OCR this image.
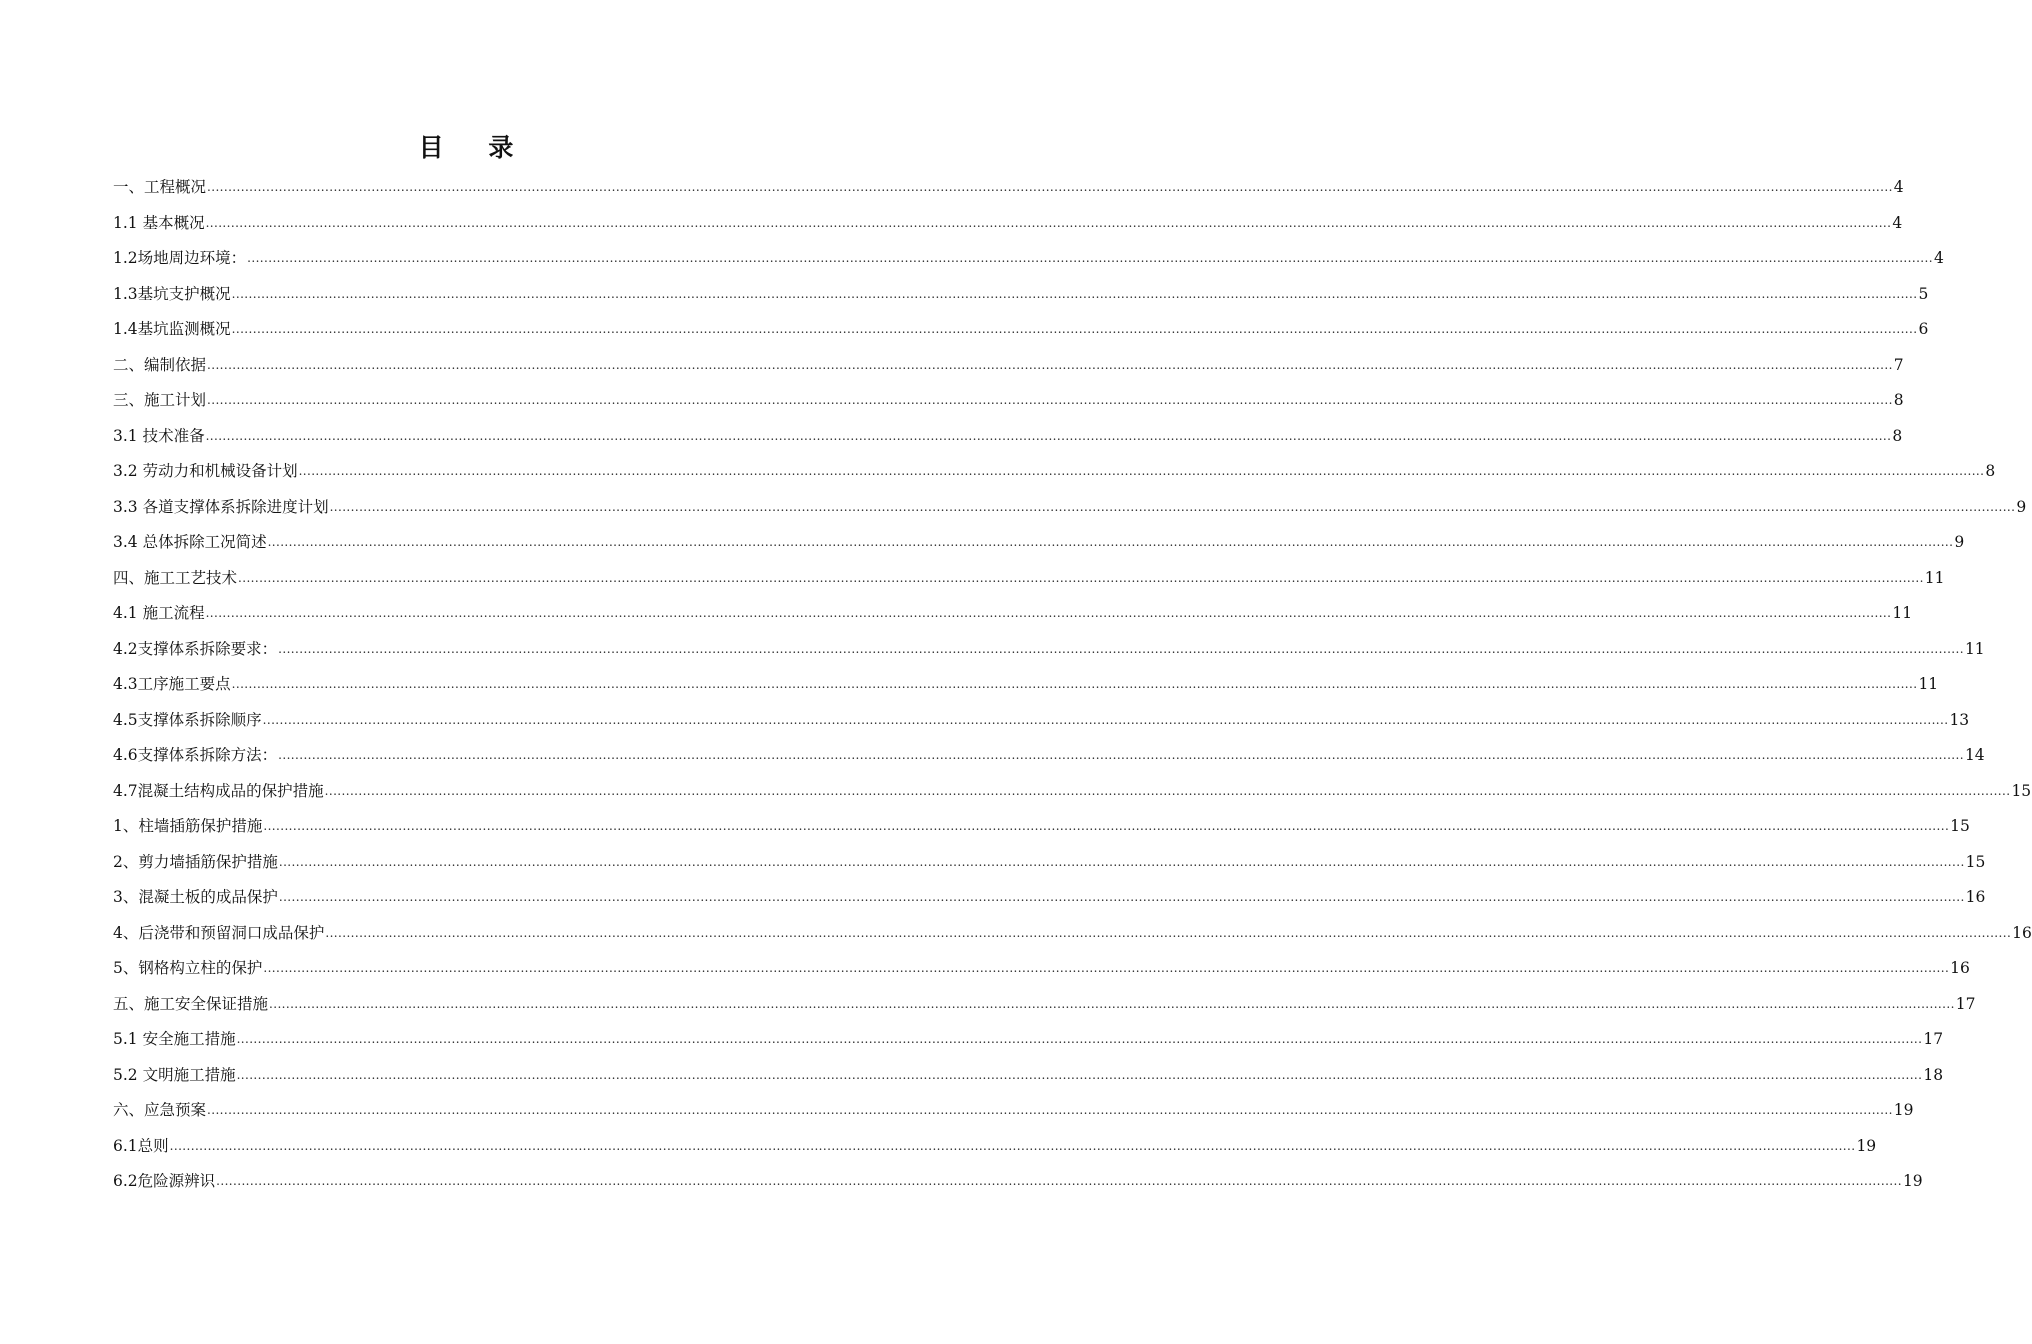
目 录
一、工程概况 ................................................................................................................................................................................................................................................................................................................................................................................................................ 4
1.1 基本概况 ................................................................................................................................................................................................................................................................................................................................................................................................................ 4
1.2场地周边环境： ................................................................................................................................................................................................................................................................................................................................................................................................................ 4
1.3基坑支护概况 ................................................................................................................................................................................................................................................................................................................................................................................................................ 5
1.4基坑监测概况 ................................................................................................................................................................................................................................................................................................................................................................................................................ 6
二、编制依据 ................................................................................................................................................................................................................................................................................................................................................................................................................ 7
三、施工计划 ................................................................................................................................................................................................................................................................................................................................................................................................................ 8
3.1 技术准备 ................................................................................................................................................................................................................................................................................................................................................................................................................ 8
3.2 劳动力和机械设备计划 ................................................................................................................................................................................................................................................................................................................................................................................................................ 8
3.3 各道支撑体系拆除进度计划 ................................................................................................................................................................................................................................................................................................................................................................................................................ 9
3.4 总体拆除工况简述 ................................................................................................................................................................................................................................................................................................................................................................................................................ 9
四、施工工艺技术 ................................................................................................................................................................................................................................................................................................................................................................................................................ 11
4.1 施工流程 ................................................................................................................................................................................................................................................................................................................................................................................................................ 11
4.2支撑体系拆除要求： ................................................................................................................................................................................................................................................................................................................................................................................................................ 11
4.3工序施工要点 ................................................................................................................................................................................................................................................................................................................................................................................................................ 11
4.5支撑体系拆除顺序 ................................................................................................................................................................................................................................................................................................................................................................................................................ 13
4.6支撑体系拆除方法： ................................................................................................................................................................................................................................................................................................................................................................................................................ 14
4.7混凝土结构成品的保护措施 ................................................................................................................................................................................................................................................................................................................................................................................................................ 15
1、柱墙插筋保护措施 ................................................................................................................................................................................................................................................................................................................................................................................................................ 15
2、剪力墙插筋保护措施 ................................................................................................................................................................................................................................................................................................................................................................................................................ 15
3、混凝土板的成品保护 ................................................................................................................................................................................................................................................................................................................................................................................................................ 16
4、后浇带和预留洞口成品保护 ................................................................................................................................................................................................................................................................................................................................................................................................................ 16
5、钢格构立柱的保护 ................................................................................................................................................................................................................................................................................................................................................................................................................ 16
五、施工安全保证措施 ................................................................................................................................................................................................................................................................................................................................................................................................................ 17
5.1 安全施工措施 ................................................................................................................................................................................................................................................................................................................................................................................................................ 17
5.2 文明施工措施 ................................................................................................................................................................................................................................................................................................................................................................................................................ 18
六、应急预案 ................................................................................................................................................................................................................................................................................................................................................................................................................ 19
6.1总则 ................................................................................................................................................................................................................................................................................................................................................................................................................ 19
6.2危险源辨识 ................................................................................................................................................................................................................................................................................................................................................................................................................ 19
